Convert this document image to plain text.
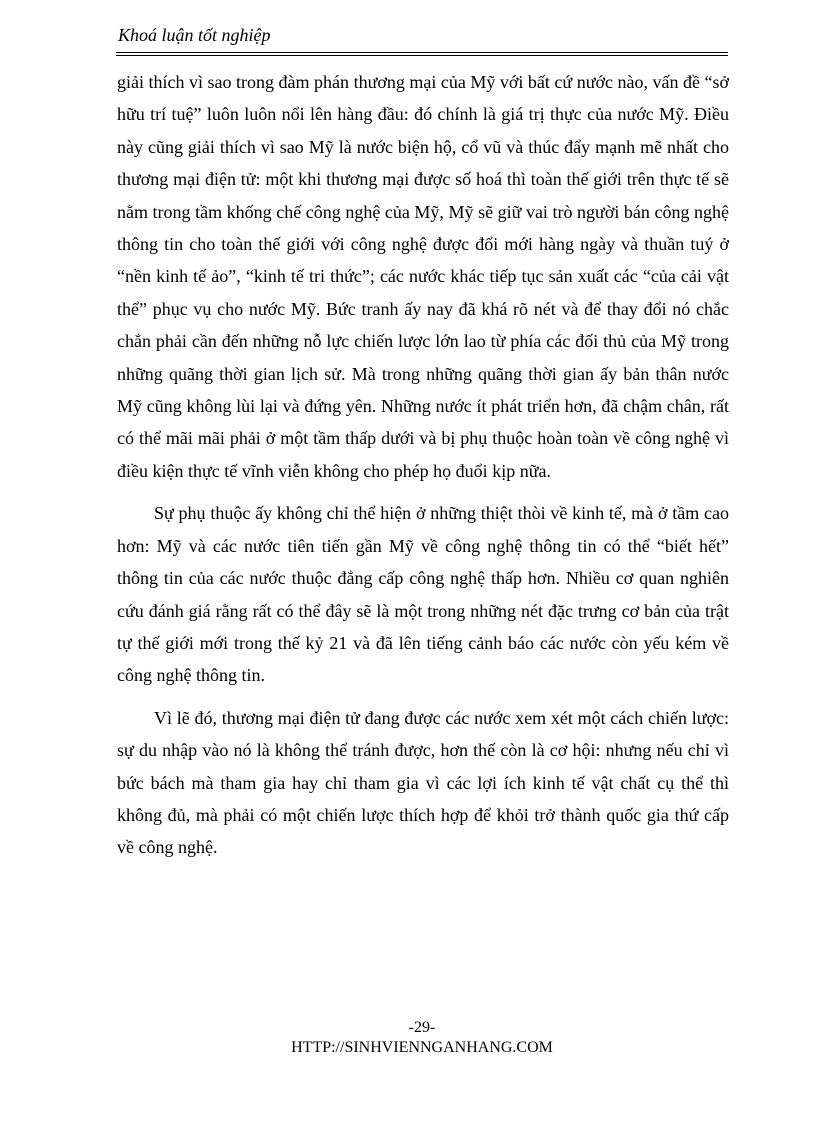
Khoá luận tốt nghiệp

giải thích vì sao trong đàm phán thương mại của Mỹ với bất cứ nước nào, vấn đề “sở hữu trí tuệ” luôn luôn nổi lên hàng đầu: đó chính là giá trị thực của nước Mỹ. Điều này cũng giải thích vì sao Mỹ là nước biện hộ, cổ vũ và thúc đẩy mạnh mẽ nhất cho thương mại điện tử: một khi thương mại được số hoá thì toàn thế giới trên thực tế sẽ nằm trong tầm khống chế công nghệ của Mỹ, Mỹ sẽ giữ vai trò người bán công nghệ thông tin cho toàn thế giới với công nghệ được đổi mới hàng ngày và thuần tuý ở “nền kinh tế ảo”, “kinh tế tri thức”; các nước khác tiếp tục sản xuất các “của cải vật thể” phục vụ cho nước Mỹ. Bức tranh ấy nay đã khá rõ nét và để thay đổi nó chắc chắn phải cần đến những nỗ lực chiến lược lớn lao từ phía các đối thủ của Mỹ trong những quãng thời gian lịch sử. Mà trong những quãng thời gian ấy bản thân nước Mỹ cũng không lùi lại và đứng yên. Những nước ít phát triển hơn, đã chậm chân, rất có thể mãi mãi phải ở một tầm thấp dưới và bị phụ thuộc hoàn toàn về công nghệ vì điều kiện thực tế vĩnh viễn không cho phép họ đuổi kịp nữa.

Sự phụ thuộc ấy không chỉ thể hiện ở những thiệt thòi về kinh tế, mà ở tầm cao hơn: Mỹ và các nước tiên tiến gần Mỹ về công nghệ thông tin có thể “biết hết” thông tin của các nước thuộc đẳng cấp công nghệ thấp hơn. Nhiều cơ quan nghiên cứu đánh giá rằng rất có thể đây sẽ là một trong những nét đặc trưng cơ bản của trật tự thế giới mới trong thế kỷ 21 và đã lên tiếng cảnh báo các nước còn yếu kém về công nghệ thông tin.

Vì lẽ đó, thương mại điện tử đang được các nước xem xét một cách chiến lược: sự du nhập vào nó là không thể tránh được, hơn thế còn là cơ hội: nhưng nếu chỉ vì bức bách mà tham gia hay chỉ tham gia vì các lợi ích kinh tế vật chất cụ thể thì không đủ, mà phải có một chiến lược thích hợp để khỏi trở thành quốc gia thứ cấp về công nghệ.

-29-
HTTP://SINHVIENNGANHANG.COM
